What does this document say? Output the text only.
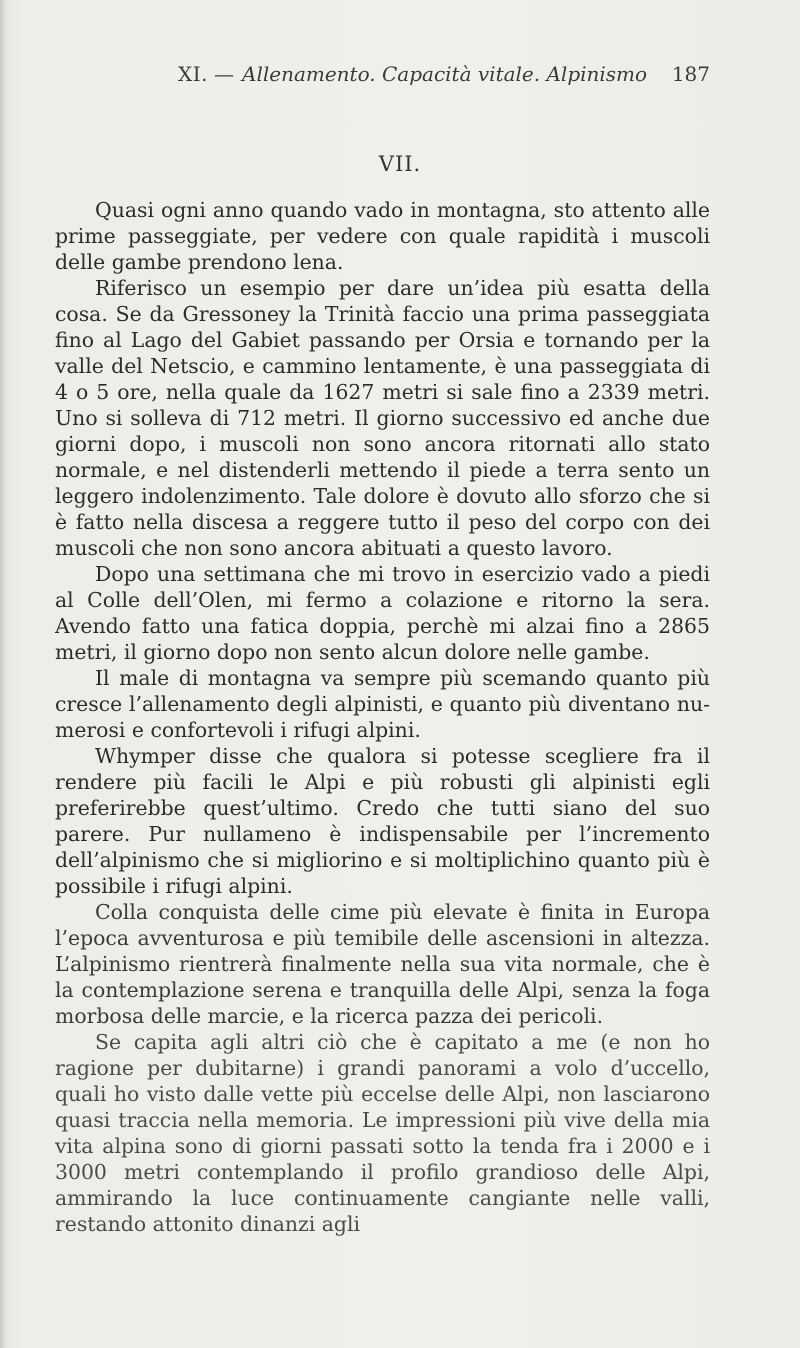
XI. — Allenamento. Capacità vitale. Alpinismo 187
VII.

Quasi ogni anno quando vado in montagna, sto attento alle prime passeggiate, per vedere con quale rapidità i muscoli delle gambe prendono lena.

Riferisco un esempio per dare un’idea più esatta della cosa. Se da Gressoney la Trinità faccio una prima passeggiata fino al Lago del Gabiet passando per Orsia e tornando per la valle del Netscio, e cammino lentamente, è una passeggiata di 4 o 5 ore, nella quale da 1627 metri si sale fino a 2339 metri. Uno si solleva di 712 metri. Il giorno successivo ed anche due giorni dopo, i muscoli non sono ancora ritornati allo stato normale, e nel distenderli mettendo il piede a terra sento un leggero indolenzimento. Tale dolore è dovuto allo sforzo che si è fatto nella discesa a reggere tutto il peso del corpo con dei muscoli che non sono ancora abituati a questo lavoro.

Dopo una settimana che mi trovo in esercizio vado a piedi al Colle dell’Olen, mi fermo a colazione e ritorno la sera. Avendo fatto una fatica doppia, perchè mi alzai fino a 2865 metri, il giorno dopo non sento alcun dolore nelle gambe.

Il male di montagna va sempre più scemando quanto più cresce l’allenamento degli alpinisti, e quanto più diventano numerosi e confortevoli i rifugi alpini.

Whymper disse che qualora si potesse scegliere fra il rendere più facili le Alpi e più robusti gli alpinisti egli preferirebbe quest’ultimo. Credo che tutti siano del suo parere. Pur nullameno è indispensabile per l’incremento dell’alpinismo che si migliorino e si moltiplichino quanto più è possibile i rifugi alpini.

Colla conquista delle cime più elevate è finita in Europa l’epoca avventurosa e più temibile delle ascensioni in altezza. L’alpinismo rientrerà finalmente nella sua vita normale, che è la contemplazione serena e tranquilla delle Alpi, senza la foga morbosa delle marcie, e la ricerca pazza dei pericoli.

Se capita agli altri ciò che è capitato a me (e non ho ragione per dubitarne) i grandi panorami a volo d’uccello, quali ho visto dalle vette più eccelse delle Alpi, non lasciarono quasi traccia nella memoria. Le impressioni più vive della mia vita alpina sono di giorni passati sotto la tenda fra i 2000 e i 3000 metri contemplando il profilo grandioso delle Alpi, ammirando la luce continuamente cangiante nelle valli, restando attonito dinanzi agli
